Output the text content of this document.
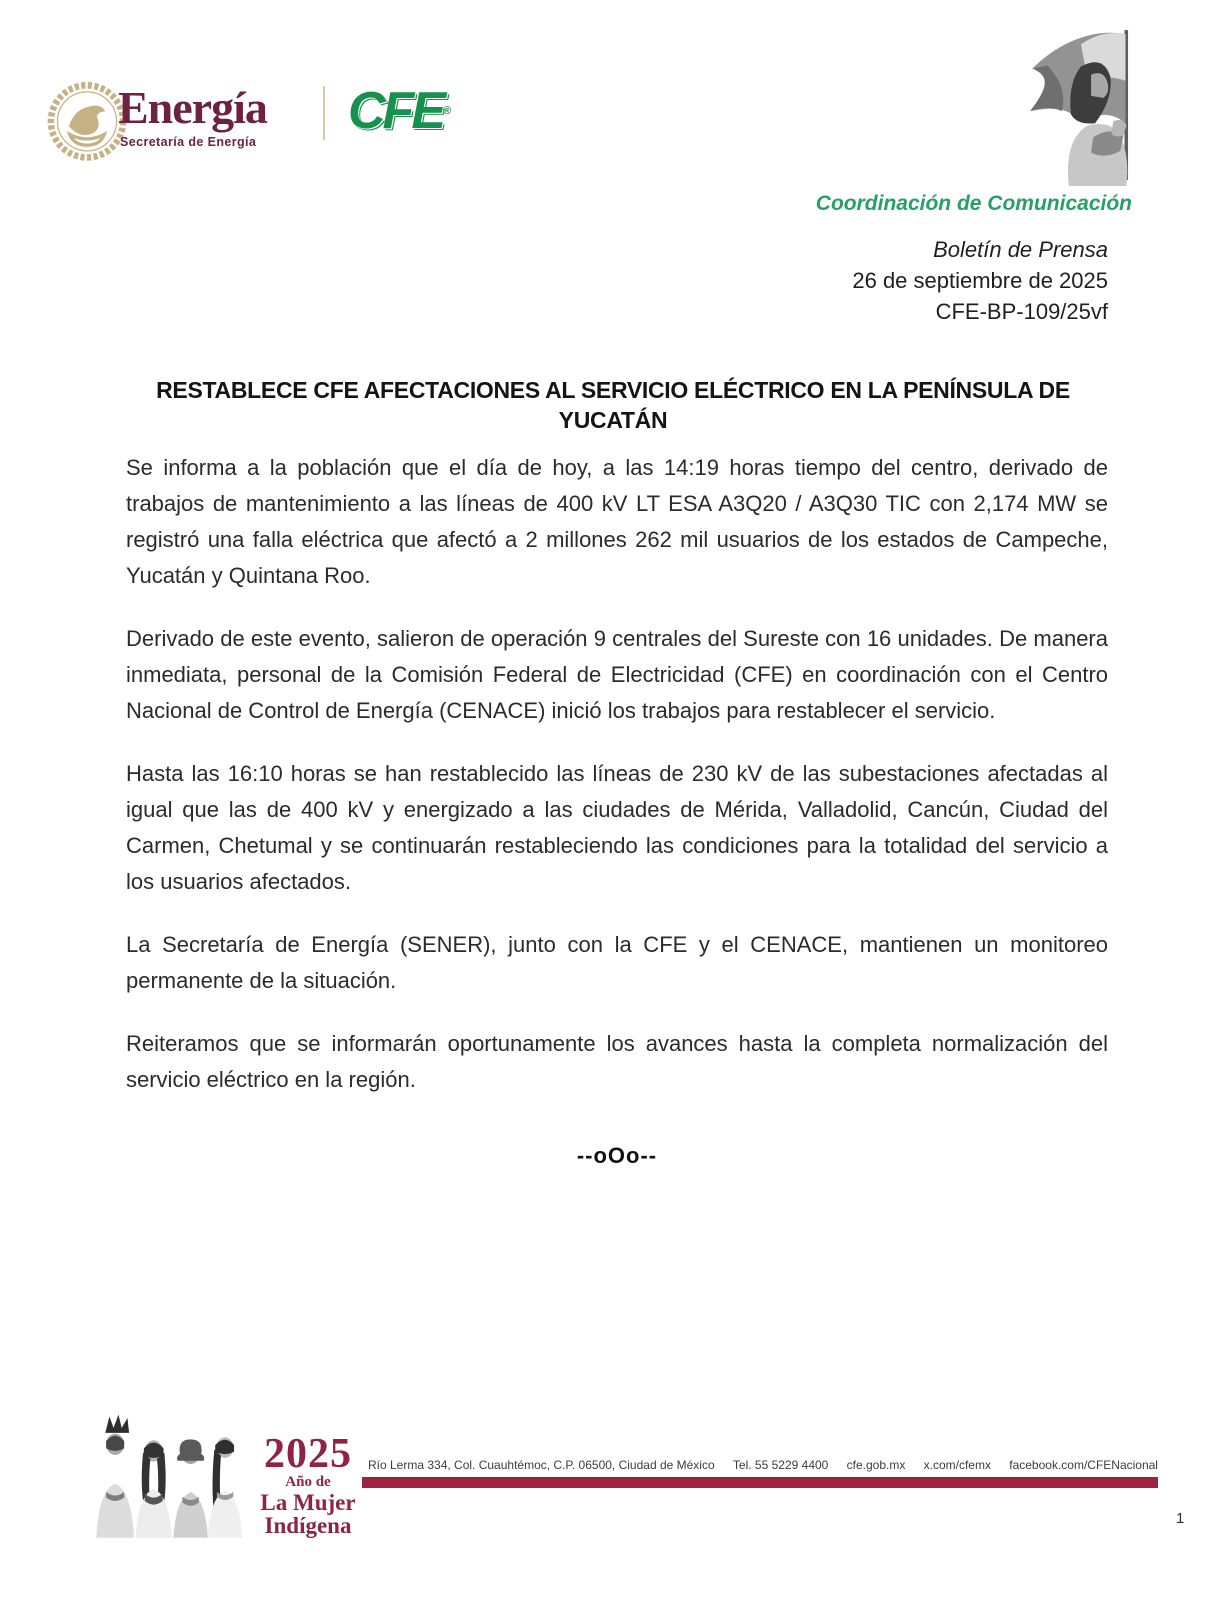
Energía
Secretaría de Energía
CFE®
Coordinación de Comunicación
Boletín de Prensa
26 de septiembre de 2025
CFE-BP-109/25vf
RESTABLECE CFE AFECTACIONES AL SERVICIO ELÉCTRICO EN LA PENÍNSULA DE YUCATÁN

Se informa a la población que el día de hoy, a las 14:19 horas tiempo del centro, derivado de trabajos de mantenimiento a las líneas de 400 kV LT ESA A3Q20 / A3Q30 TIC con 2,174 MW se registró una falla eléctrica que afectó a 2 millones 262 mil usuarios de los estados de Campeche, Yucatán y Quintana Roo.

Derivado de este evento, salieron de operación 9 centrales del Sureste con 16 unidades. De manera inmediata, personal de la Comisión Federal de Electricidad (CFE) en coordinación con el Centro Nacional de Control de Energía (CENACE) inició los trabajos para restablecer el servicio.

Hasta las 16:10 horas se han restablecido las líneas de 230 kV de las subestaciones afectadas al igual que las de 400 kV y energizado a las ciudades de Mérida, Valladolid, Cancún, Ciudad del Carmen, Chetumal y se continuarán restableciendo las condiciones para la totalidad del servicio a los usuarios afectados.

La Secretaría de Energía (SENER), junto con la CFE y el CENACE, mantienen un monitoreo permanente de la situación.

Reiteramos que se informarán oportunamente los avances hasta la completa normalización del servicio eléctrico en la región.

--oOo--
2025
Año de
La Mujer
Indígena
Río Lerma 334, Col. Cuauhtémoc, C.P. 06500, Ciudad de México Tel. 55 5229 4400 cfe.gob.mx x.com/cfemx facebook.com/CFENacional
1
